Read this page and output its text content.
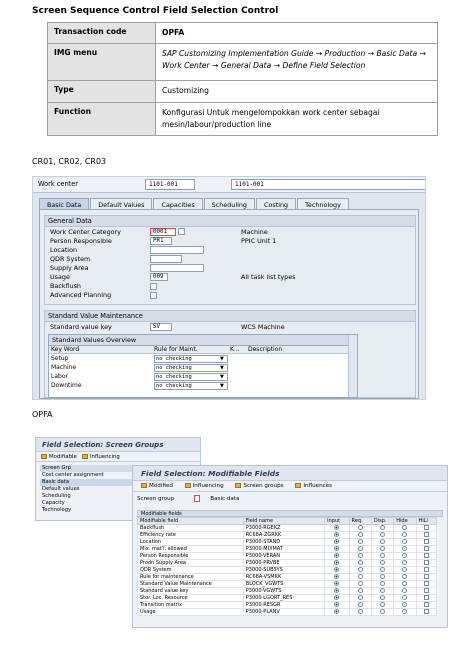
Screen Sequence Control Field Selection Control
Transaction code	OPFA
IMG menu	SAP Customizing Implementation Guide → Production → Basic Data → Work Center → General Data → Define Field Selection
Type	Customizing
Function	Konfigurasi Untuk mengelompokkan work center sebagai mesin/labour/production line
CR01, CR02, CR03
Work center	1101-001	1101-001
Basic Data	Default Values	Capacities	Scheduling	Costing	Technology
General Data
Work Center Category	0001	Machine
Person Responsible	PR1	PPIC Unit 1
Location
QDR System
Supply Area
Usage	009	All task list types
Backflush
Advanced Planning
Standard Value Maintenance
Standard value key	SV	WCS Machine
Standard Values Overview
Key Word	Rule for Maint.	K... Description
Setup	no checking	▼
Machine	no checking	▼
Labor	no checking	▼
Downtime	no checking	▼
OPFA
Field Selection: Screen Groups
Modifiable Influencing
Screen Grp
Cost center assignment
Basic data
Default values
Scheduling
Capacity
Technology
Field Selection: Modifiable Fields
Modified	Influencing	Screen groups	Influences
Screen group	Basic data
Modifiable fields
Modifiable field	Field name	Input	Req.	Disp.	Hide	HiLi
Backflush	P3000-RGEKZ					
Efficiency rate	RC68A-ZGRKK					
Location	P3000-STAND					
Mix. mat'l. allowed	P3000-MIXMAT					
Person Responsible	P3000-VERAN					
Prodn Supply Area	P3000-PRVBE					
QDR System	P3000-SUBSYS					
Rule for maintenance	RC68A-VSMKK					
Standard Value Maintenance	BLOCK_VGWTS					
Standard value key	P3000-VGWTS					
Stor. Loc. Resource	P3000-LGORT_RES					
Transition matrix	P3000-RESGR					
Usage	P3000-PLANV					
